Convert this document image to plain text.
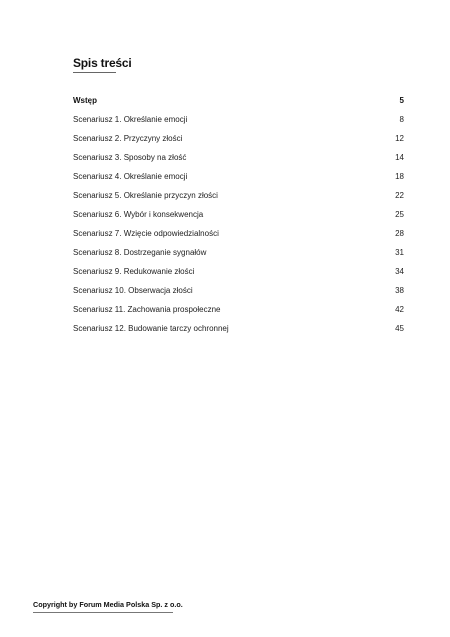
Spis treści
Wstęp	5
Scenariusz 1. Określanie emocji	8
Scenariusz 2. Przyczyny złości	12
Scenariusz 3. Sposoby na złość	14
Scenariusz 4. Określanie emocji	18
Scenariusz 5. Określanie przyczyn złości	22
Scenariusz 6. Wybór i konsekwencja	25
Scenariusz 7. Wzięcie odpowiedzialności	28
Scenariusz 8. Dostrzeganie sygnałów	31
Scenariusz 9. Redukowanie złości	34
Scenariusz 10. Obserwacja złości	38
Scenariusz 11. Zachowania prospołeczne	42
Scenariusz 12. Budowanie tarczy ochronnej	45
Copyright by Forum Media Polska Sp. z o.o.
